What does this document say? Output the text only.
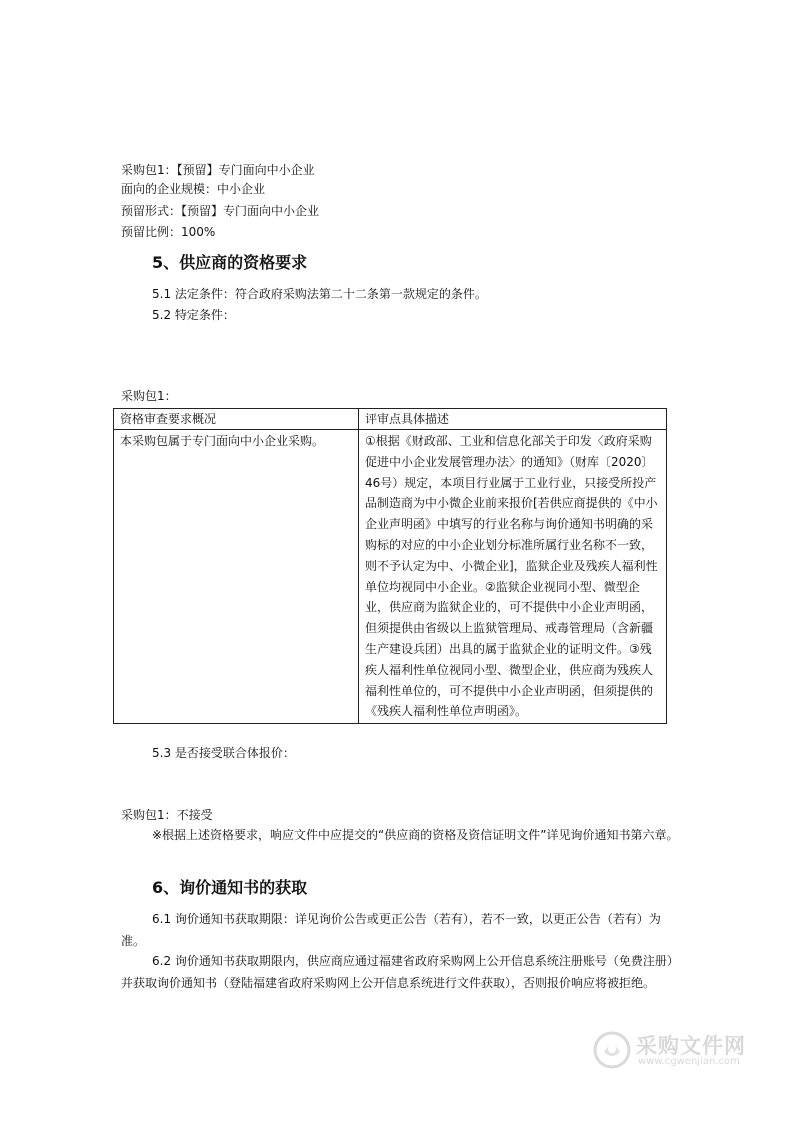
采购包1：【预留】专门面向中小企业
面向的企业规模：中小企业
预留形式：【预留】专门面向中小企业
预留比例：100%
5、供应商的资格要求
5.1 法定条件：符合政府采购法第二十二条第一款规定的条件。
5.2 特定条件：
采购包1：
资格审查要求概况	评审点具体描述
本采购包属于专门面向中小企业采购。	①根据《财政部、工业和信息化部关于印发〈政府采购促进中小企业发展管理办法〉的通知》（财库〔2020〕46号）规定，本项目行业属于工业行业，只接受所投产品制造商为中小微企业前来报价[若供应商提供的《中小企业声明函》中填写的行业名称与询价通知书明确的采购标的对应的中小企业划分标准所属行业名称不一致，则不予认定为中、小微企业]，监狱企业及残疾人福利性单位均视同中小企业。②监狱企业视同小型、微型企业，供应商为监狱企业的，可不提供中小企业声明函，但须提供由省级以上监狱管理局、戒毒管理局（含新疆生产建设兵团）出具的属于监狱企业的证明文件。③残疾人福利性单位视同小型、微型企业，供应商为残疾人福利性单位的，可不提供中小企业声明函，但须提供的《残疾人福利性单位声明函》。
5.3 是否接受联合体报价：
采购包1：不接受
※根据上述资格要求，响应文件中应提交的“供应商的资格及资信证明文件”详见询价通知书第六章。
6、询价通知书的获取
6.1 询价通知书获取期限：详见询价公告或更正公告（若有），若不一致，以更正公告（若有）为准。
6.2 询价通知书获取期限内，供应商应通过福建省政府采购网上公开信息系统注册账号（免费注册）并获取询价通知书（登陆福建省政府采购网上公开信息系统进行文件获取），否则报价响应将被拒绝。
采购文件网
www.cgwenjian.com
